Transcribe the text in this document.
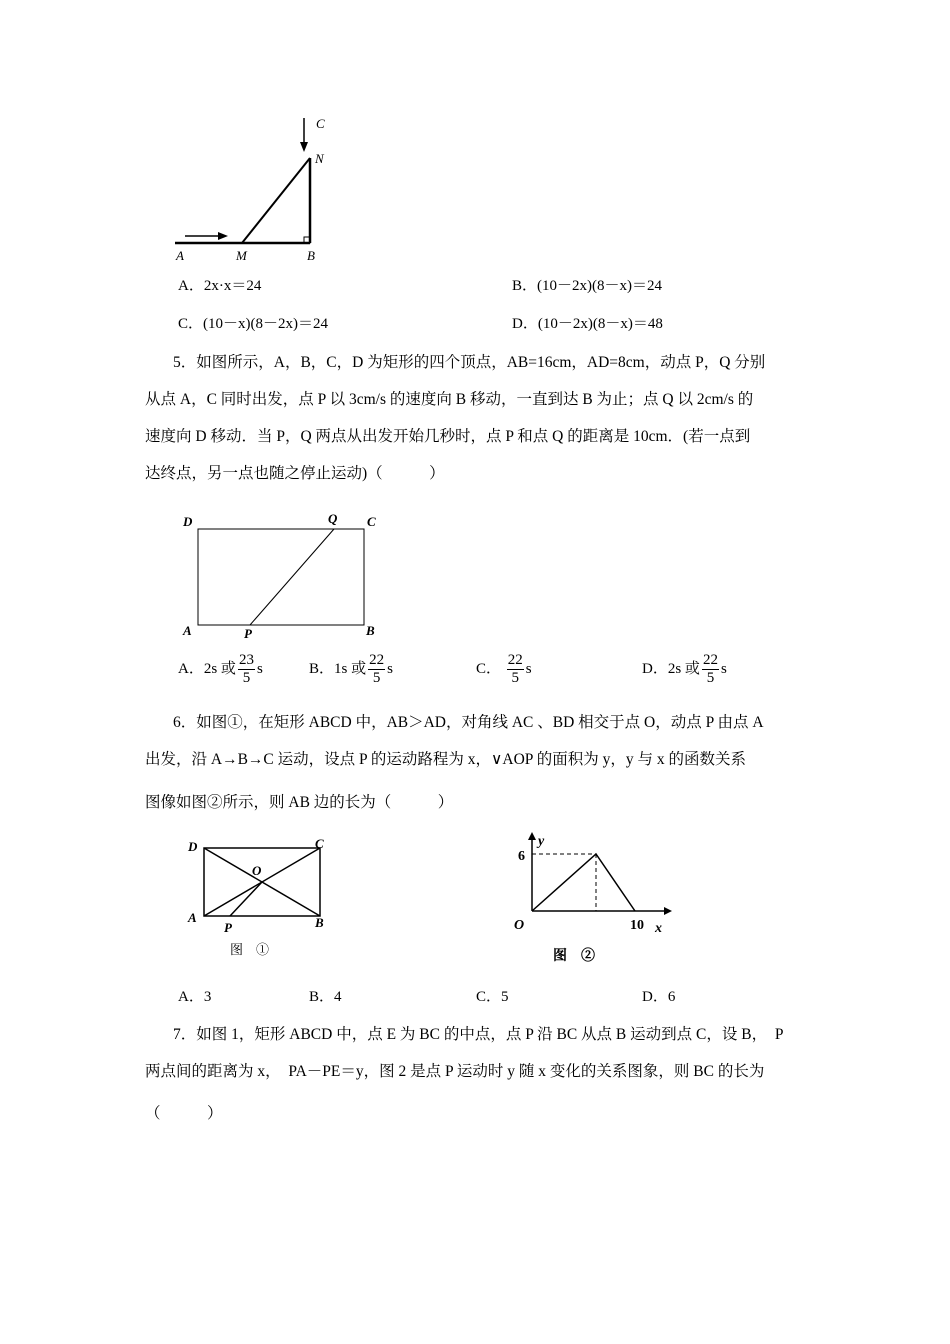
A	M	B
N
C
A．2x·x＝24	B．(10－2x)(8－x)＝24
C．(10－x)(8－2x)＝24	D．(10－2x)(8－x)＝48
5．如图所示，A，B，C，D 为矩形的四个顶点，AB=16cm，AD=8cm，动点 P，Q 分别
从点 A，C 同时出发，点 P 以 3cm/s 的速度向 B 移动，一直到达 B 为止；点 Q 以 2cm/s 的
速度向 D 移动．当 P，Q 两点从出发开始几秒时，点 P 和点 Q 的距离是 10cm．(若一点到
达终点，另一点也随之停止运动)（　　　）
D	Q C
A	P	B
A．2s 或 $\frac{23}{5}$ s	B．1s 或 $\frac{22}{5}$ s	C． $\frac{22}{5}$ s	D．2s 或 $\frac{22}{5}$ s
6．如图①，在矩形 ABCD 中，AB＞AD，对角线 AC 、BD 相交于点 O，动点 P 由点 A
出发，沿 A→B→C 运动，设点 P 的运动路程为 x，∨AOP 的面积为 y，y 与 x 的函数关系
图像如图②所示，则 AB 边的长为（　　　）
D	C
O
A
P	B
图　①
y
6
O	10 x
图　②
A．3	B．4	C．5	D．6
7．如图 1，矩形 ABCD 中，点 E 为 BC 的中点，点 P 沿 BC 从点 B 运动到点 C，设 B，　P
两点间的距离为 x，　PA－PE＝y，图 2 是点 P 运动时 y 随 x 变化的关系图象，则 BC 的长为
（　　　）
